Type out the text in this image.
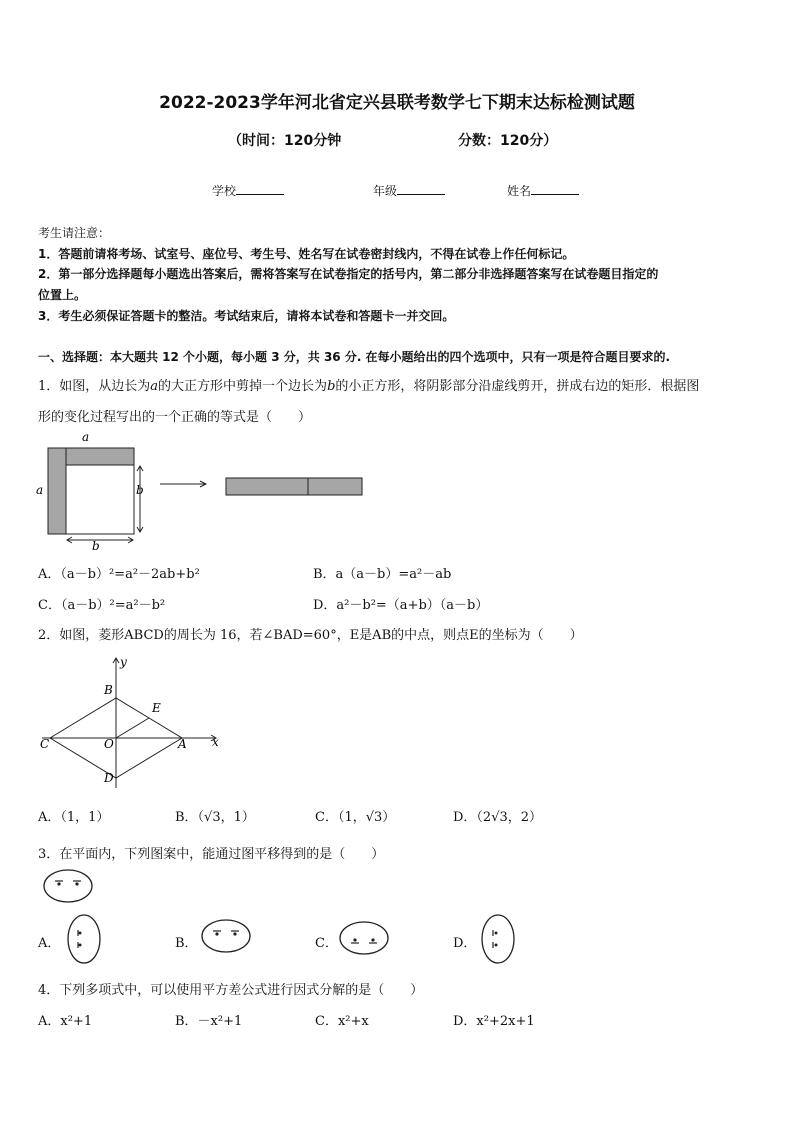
2022-2023学年河北省定兴县联考数学七下期末达标检测试题
（时间：120分钟	分数：120分）
学校	年级	姓名
考生请注意：
1．答题前请将考场、试室号、座位号、考生号、姓名写在试卷密封线内，不得在试卷上作任何标记。
2．第一部分选择题每小题选出答案后，需将答案写在试卷指定的括号内，第二部分非选择题答案写在试卷题目指定的
位置上。
3．考生必须保证答题卡的整洁。考试结束后，请将本试卷和答题卡一并交回。
一、选择题：本大题共 12 个小题，每小题 3 分，共 36 分. 在每小题给出的四个选项中，只有一项是符合题目要求的.
1．如图，从边长为a的大正方形中剪掉一个边长为b的小正方形，将阴影部分沿虚线剪开，拼成右边的矩形．根据图
形的变化过程写出的一个正确的等式是（　　）
a
a	b
b
A．（a－b）²=a²－2ab+b²	B．a（a－b）=a²－ab
C．（a－b）²=a²－b²	D．a²－b²=（a+b）（a－b）
2．如图，菱形ABCD的周长为 16，若∠BAD=60°，E是AB的中点，则点E的坐标为（　　）
y
x
B
E
C	O	A
D
A．（1，1）	B．（√3，1）	C．（1，√3）	D．（2√3，2）
3．在平面内，下列图案中，能通过图平移得到的是（　　）
A．	B．	C．	D．
4．下列多项式中，可以使用平方差公式进行因式分解的是（　　）
A．x²+1	B．－x²+1	C．x²+x	D．x²+2x+1
